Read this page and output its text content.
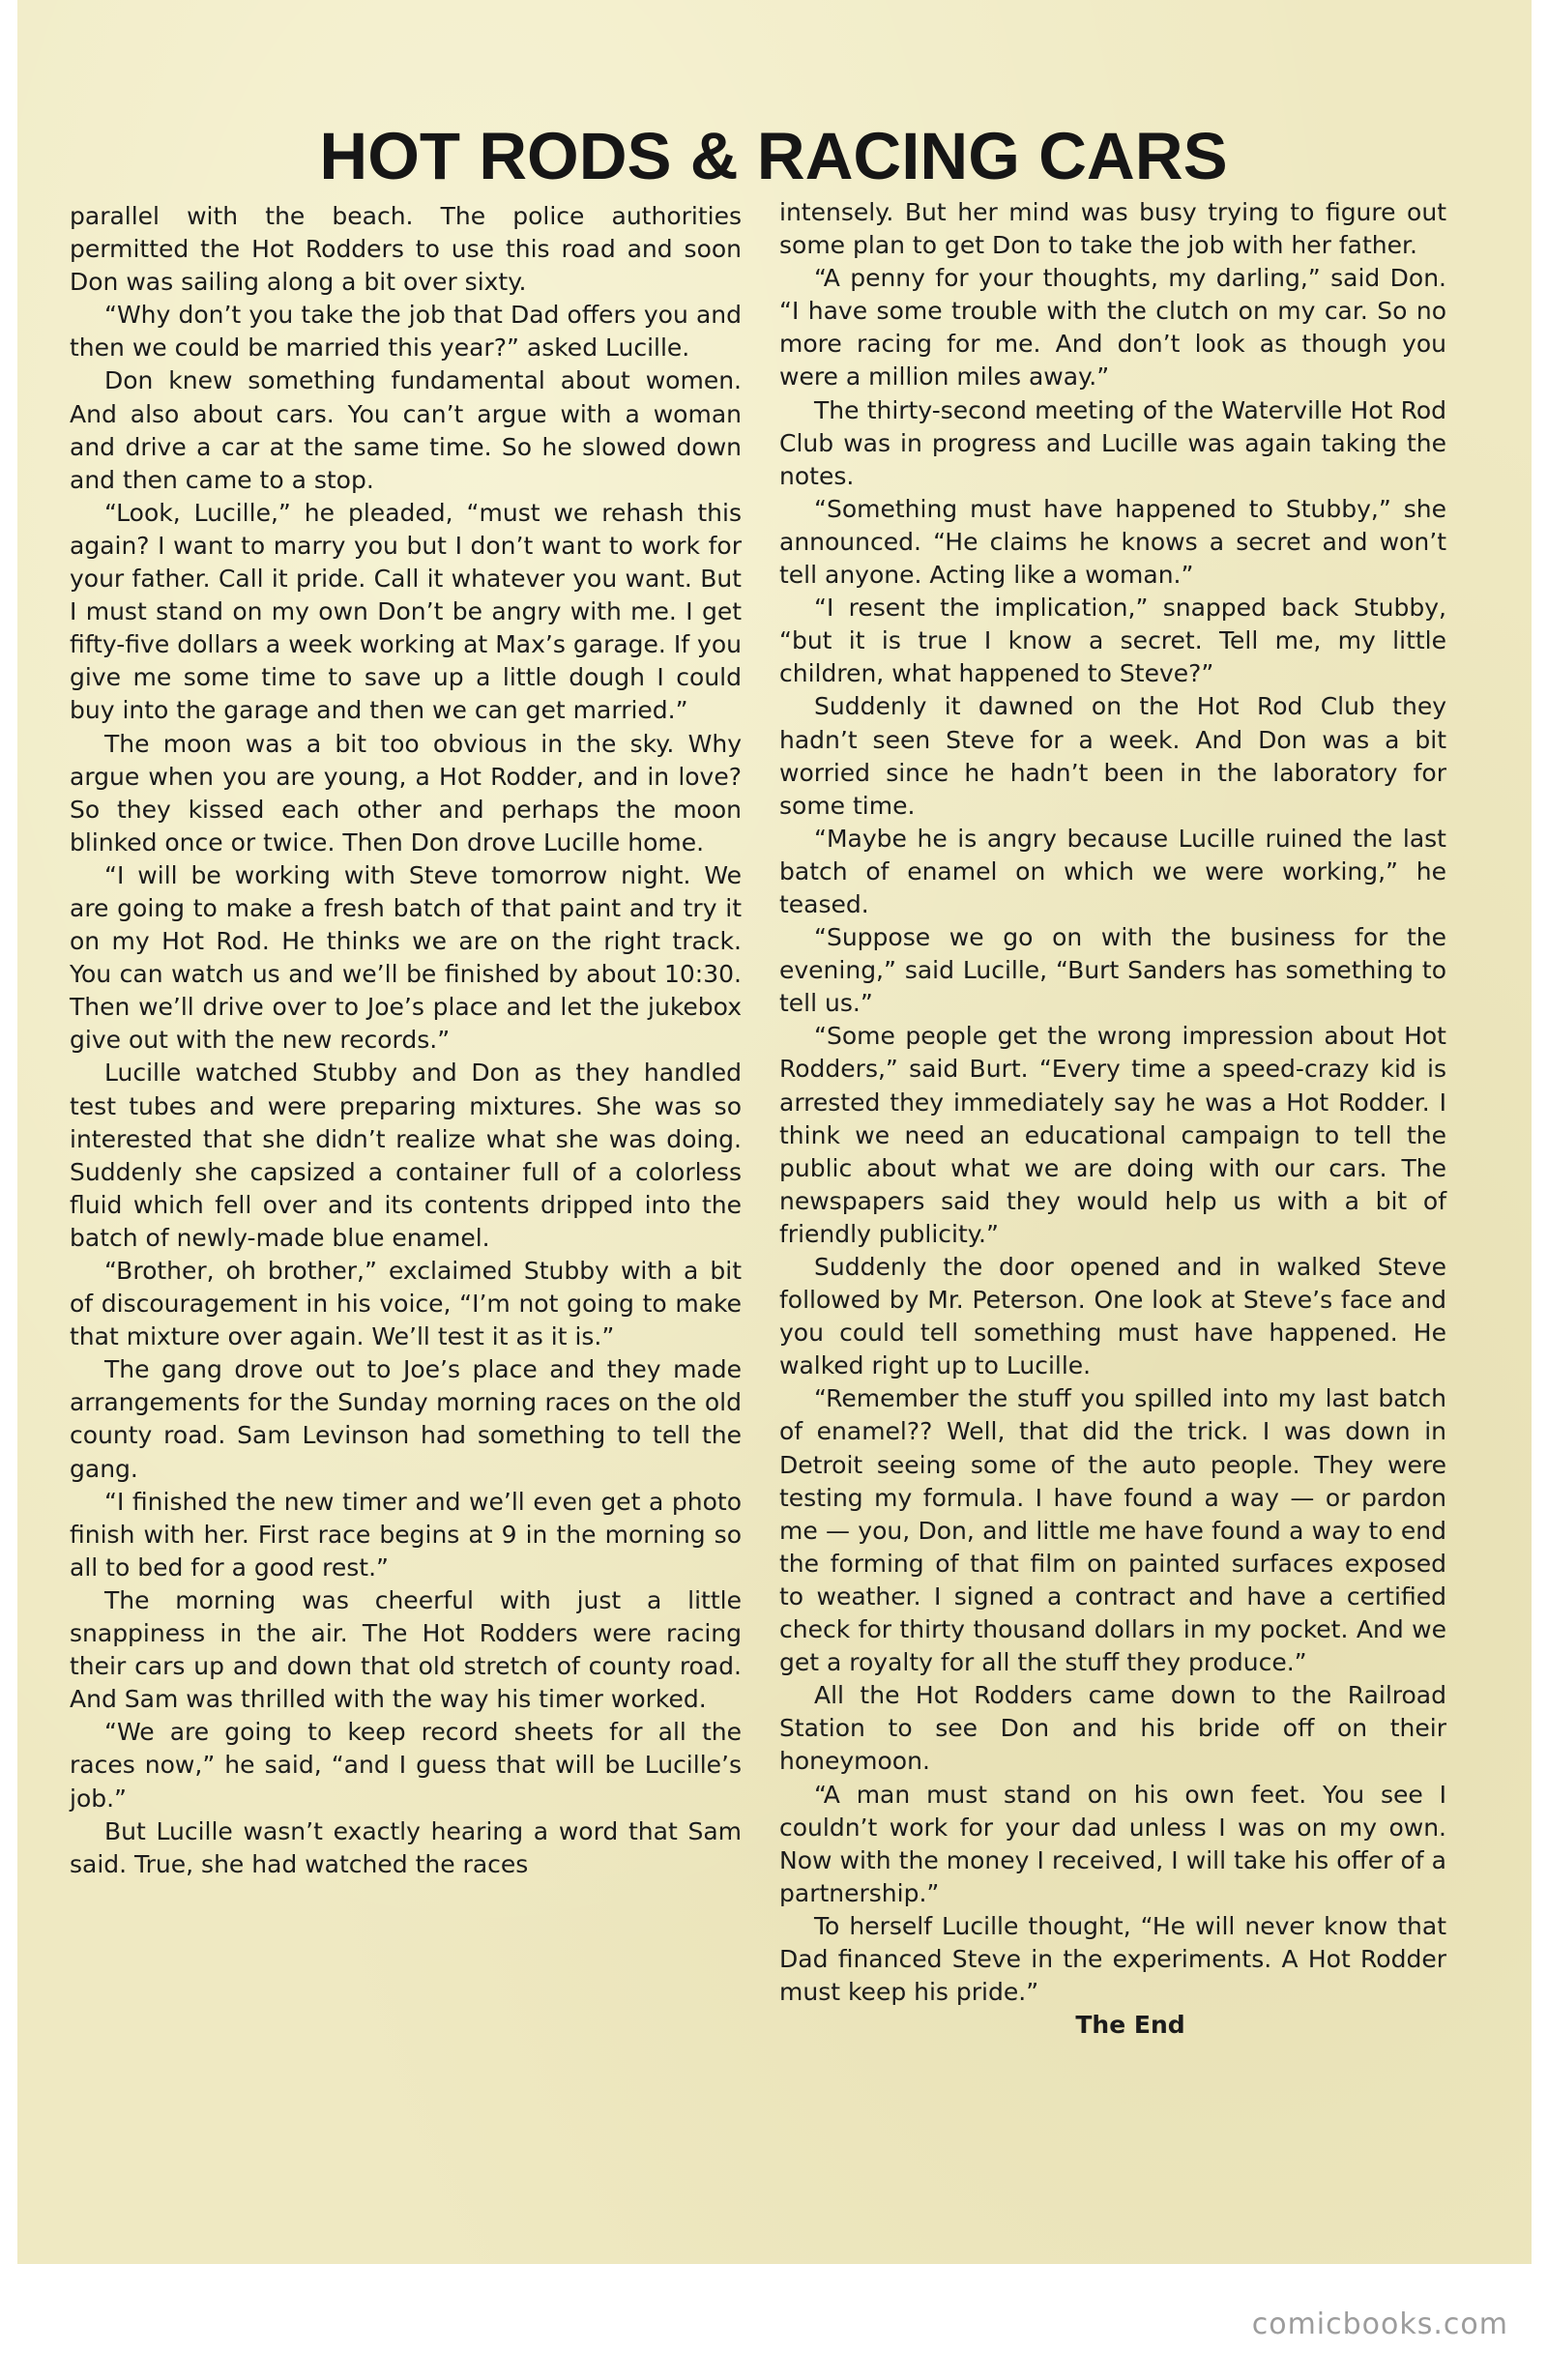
HOT RODS & RACING CARS

parallel with the beach. The police authorities permitted the Hot Rodders to use this road and soon Don was sailing along a bit over sixty.

“Why don’t you take the job that Dad offers you and then we could be married this year?” asked Lucille.

Don knew something fundamental about women. And also about cars. You can’t argue with a woman and drive a car at the same time. So he slowed down and then came to a stop.

“Look, Lucille,” he pleaded, “must we rehash this again? I want to marry you but I don’t want to work for your father. Call it pride. Call it whatever you want. But I must stand on my own Don’t be angry with me. I get fifty-five dollars a week working at Max’s garage. If you give me some time to save up a little dough I could buy into the garage and then we can get married.”

The moon was a bit too obvious in the sky. Why argue when you are young, a Hot Rodder, and in love? So they kissed each other and perhaps the moon blinked once or twice. Then Don drove Lucille home.

“I will be working with Steve tomorrow night. We are going to make a fresh batch of that paint and try it on my Hot Rod. He thinks we are on the right track. You can watch us and we’ll be finished by about 10:30. Then we’ll drive over to Joe’s place and let the jukebox give out with the new records.”

Lucille watched Stubby and Don as they handled test tubes and were preparing mixtures. She was so interested that she didn’t realize what she was doing. Suddenly she capsized a container full of a colorless fluid which fell over and its contents dripped into the batch of newly-made blue enamel.

“Brother, oh brother,” exclaimed Stubby with a bit of discouragement in his voice, “I’m not going to make that mixture over again. We’ll test it as it is.”

The gang drove out to Joe’s place and they made arrangements for the Sunday morning races on the old county road. Sam Levinson had something to tell the gang.

“I finished the new timer and we’ll even get a photo finish with her. First race begins at 9 in the morning so all to bed for a good rest.”

The morning was cheerful with just a little snappiness in the air. The Hot Rodders were racing their cars up and down that old stretch of county road. And Sam was thrilled with the way his timer worked.

“We are going to keep record sheets for all the races now,” he said, “and I guess that will be Lucille’s job.”

But Lucille wasn’t exactly hearing a word that Sam said. True, she had watched the races

intensely. But her mind was busy trying to figure out some plan to get Don to take the job with her father.

“A penny for your thoughts, my darling,” said Don. “I have some trouble with the clutch on my car. So no more racing for me. And don’t look as though you were a million miles away.”

The thirty-second meeting of the Waterville Hot Rod Club was in progress and Lucille was again taking the notes.

“Something must have happened to Stubby,” she announced. “He claims he knows a secret and won’t tell anyone. Acting like a woman.”

“I resent the implication,” snapped back Stubby, “but it is true I know a secret. Tell me, my little children, what happened to Steve?”

Suddenly it dawned on the Hot Rod Club they hadn’t seen Steve for a week. And Don was a bit worried since he hadn’t been in the laboratory for some time.

“Maybe he is angry because Lucille ruined the last batch of enamel on which we were working,” he teased.

“Suppose we go on with the business for the evening,” said Lucille, “Burt Sanders has something to tell us.”

“Some people get the wrong impression about Hot Rodders,” said Burt. “Every time a speed-crazy kid is arrested they immediately say he was a Hot Rodder. I think we need an educational campaign to tell the public about what we are doing with our cars. The newspapers said they would help us with a bit of friendly publicity.”

Suddenly the door opened and in walked Steve followed by Mr. Peterson. One look at Steve’s face and you could tell something must have happened. He walked right up to Lucille.

“Remember the stuff you spilled into my last batch of enamel?? Well, that did the trick. I was down in Detroit seeing some of the auto people. They were testing my formula. I have found a way — or pardon me — you, Don, and little me have found a way to end the forming of that film on painted surfaces exposed to weather. I signed a contract and have a certified check for thirty thousand dollars in my pocket. And we get a royalty for all the stuff they produce.”

All the Hot Rodders came down to the Railroad Station to see Don and his bride off on their honeymoon.

“A man must stand on his own feet. You see I couldn’t work for your dad unless I was on my own. Now with the money I received, I will take his offer of a partnership.”

To herself Lucille thought, “He will never know that Dad financed Steve in the experiments. A Hot Rodder must keep his pride.”

The End

comicbooks.com
